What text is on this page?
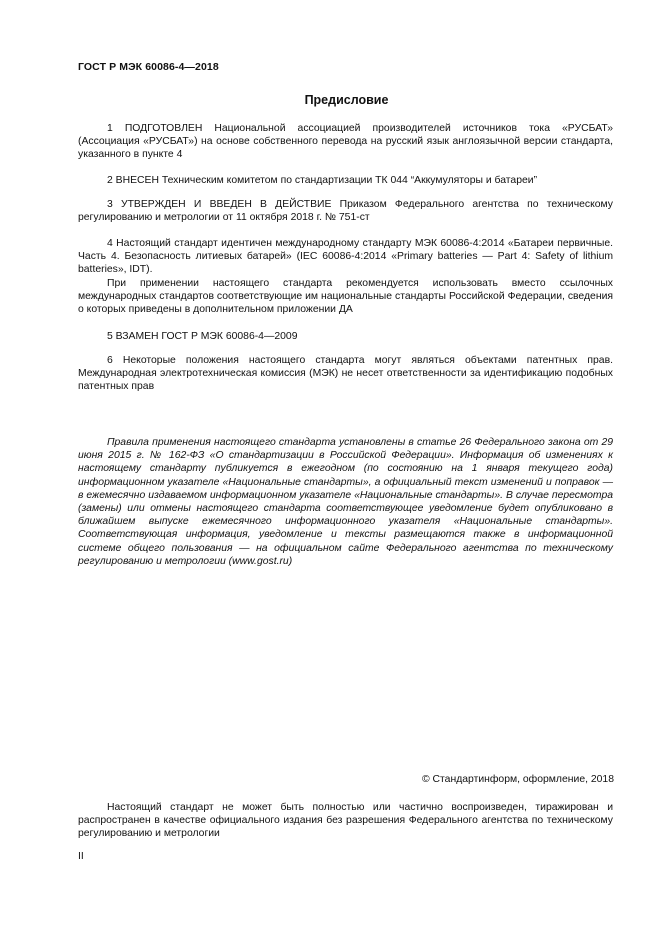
ГОСТ Р МЭК 60086-4—2018
Предисловие

1 ПОДГОТОВЛЕН Национальной ассоциацией производителей источников тока «РУСБАТ» (Ассоциация «РУСБАТ») на основе собственного перевода на русский язык англоязычной версии стандарта, указанного в пункте 4

2 ВНЕСЕН Техническим комитетом по стандартизации ТК 044 “Аккумуляторы и батареи”

3 УТВЕРЖДЕН И ВВЕДЕН В ДЕЙСТВИЕ Приказом Федерального агентства по техническому регулированию и метрологии от 11 октября 2018 г. № 751-ст

4 Настоящий стандарт идентичен международному стандарту МЭК 60086-4:2014 «Батареи первичные. Часть 4. Безопасность литиевых батарей» (IEC 60086-4:2014 «Primary batteries — Part 4: Safety of lithium batteries», IDT).

При применении настоящего стандарта рекомендуется использовать вместо ссылочных международных стандартов соответствующие им национальные стандарты Российской Федерации, сведения о которых приведены в дополнительном приложении ДА

5 ВЗАМЕН ГОСТ Р МЭК 60086-4—2009

6 Некоторые положения настоящего стандарта могут являться объектами патентных прав. Международная электротехническая комиссия (МЭК) не несет ответственности за идентификацию подобных патентных прав

Правила применения настоящего стандарта установлены в статье 26 Федерального закона от 29 июня 2015 г. № 162-ФЗ «О стандартизации в Российской Федерации». Информация об изменениях к настоящему стандарту публикуется в ежегодном (по состоянию на 1 января текущего года) информационном указателе «Национальные стандарты», а официальный текст изменений и поправок — в ежемесячно издаваемом информационном указателе «Национальные стандарты». В случае пересмотра (замены) или отмены настоящего стандарта соответствующее уведомление будет опубликовано в ближайшем выпуске ежемесячного информационного указателя «Национальные стандарты». Соответствующая информация, уведомление и тексты размещаются также в информационной системе общего пользования — на официальном сайте Федерального агентства по техническому регулированию и метрологии (www.gost.ru)

© Стандартинформ, оформление, 2018

Настоящий стандарт не может быть полностью или частично воспроизведен, тиражирован и распространен в качестве официального издания без разрешения Федерального агентства по техническому регулированию и метрологии

II
